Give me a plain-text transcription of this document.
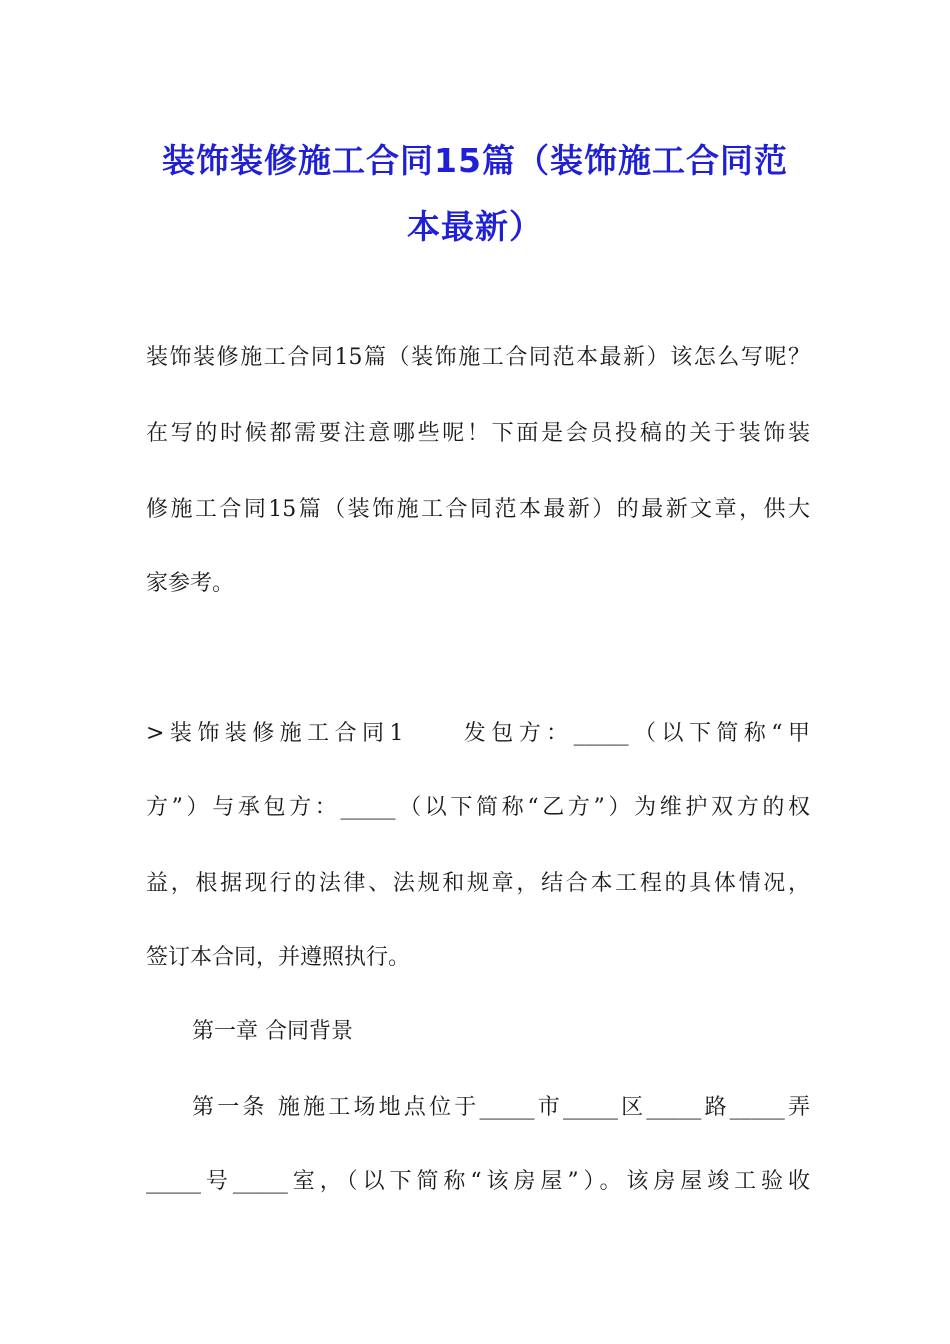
装饰装修施工合同15篇（装饰施工合同范
本最新）
装饰装修施工合同15篇（装饰施工合同范本最新）该怎么写呢？
在写的时候都需要注意哪些呢！下面是会员投稿的关于装饰装
修施工合同15篇（装饰施工合同范本最新）的最新文章，供大
家参考。
>装饰装修施工合同1　　发包方：_____（以下简称“甲
方”）与承包方：_____（以下简称“乙方”）为维护双方的权
益，根据现行的法律、法规和规章，结合本工程的具体情况，
签订本合同，并遵照执行。
第一章 合同背景
第一条 施施工场地点位于_____市_____区_____路_____弄
_____号_____室，（以下简称“该房屋”）。该房屋竣工验收
